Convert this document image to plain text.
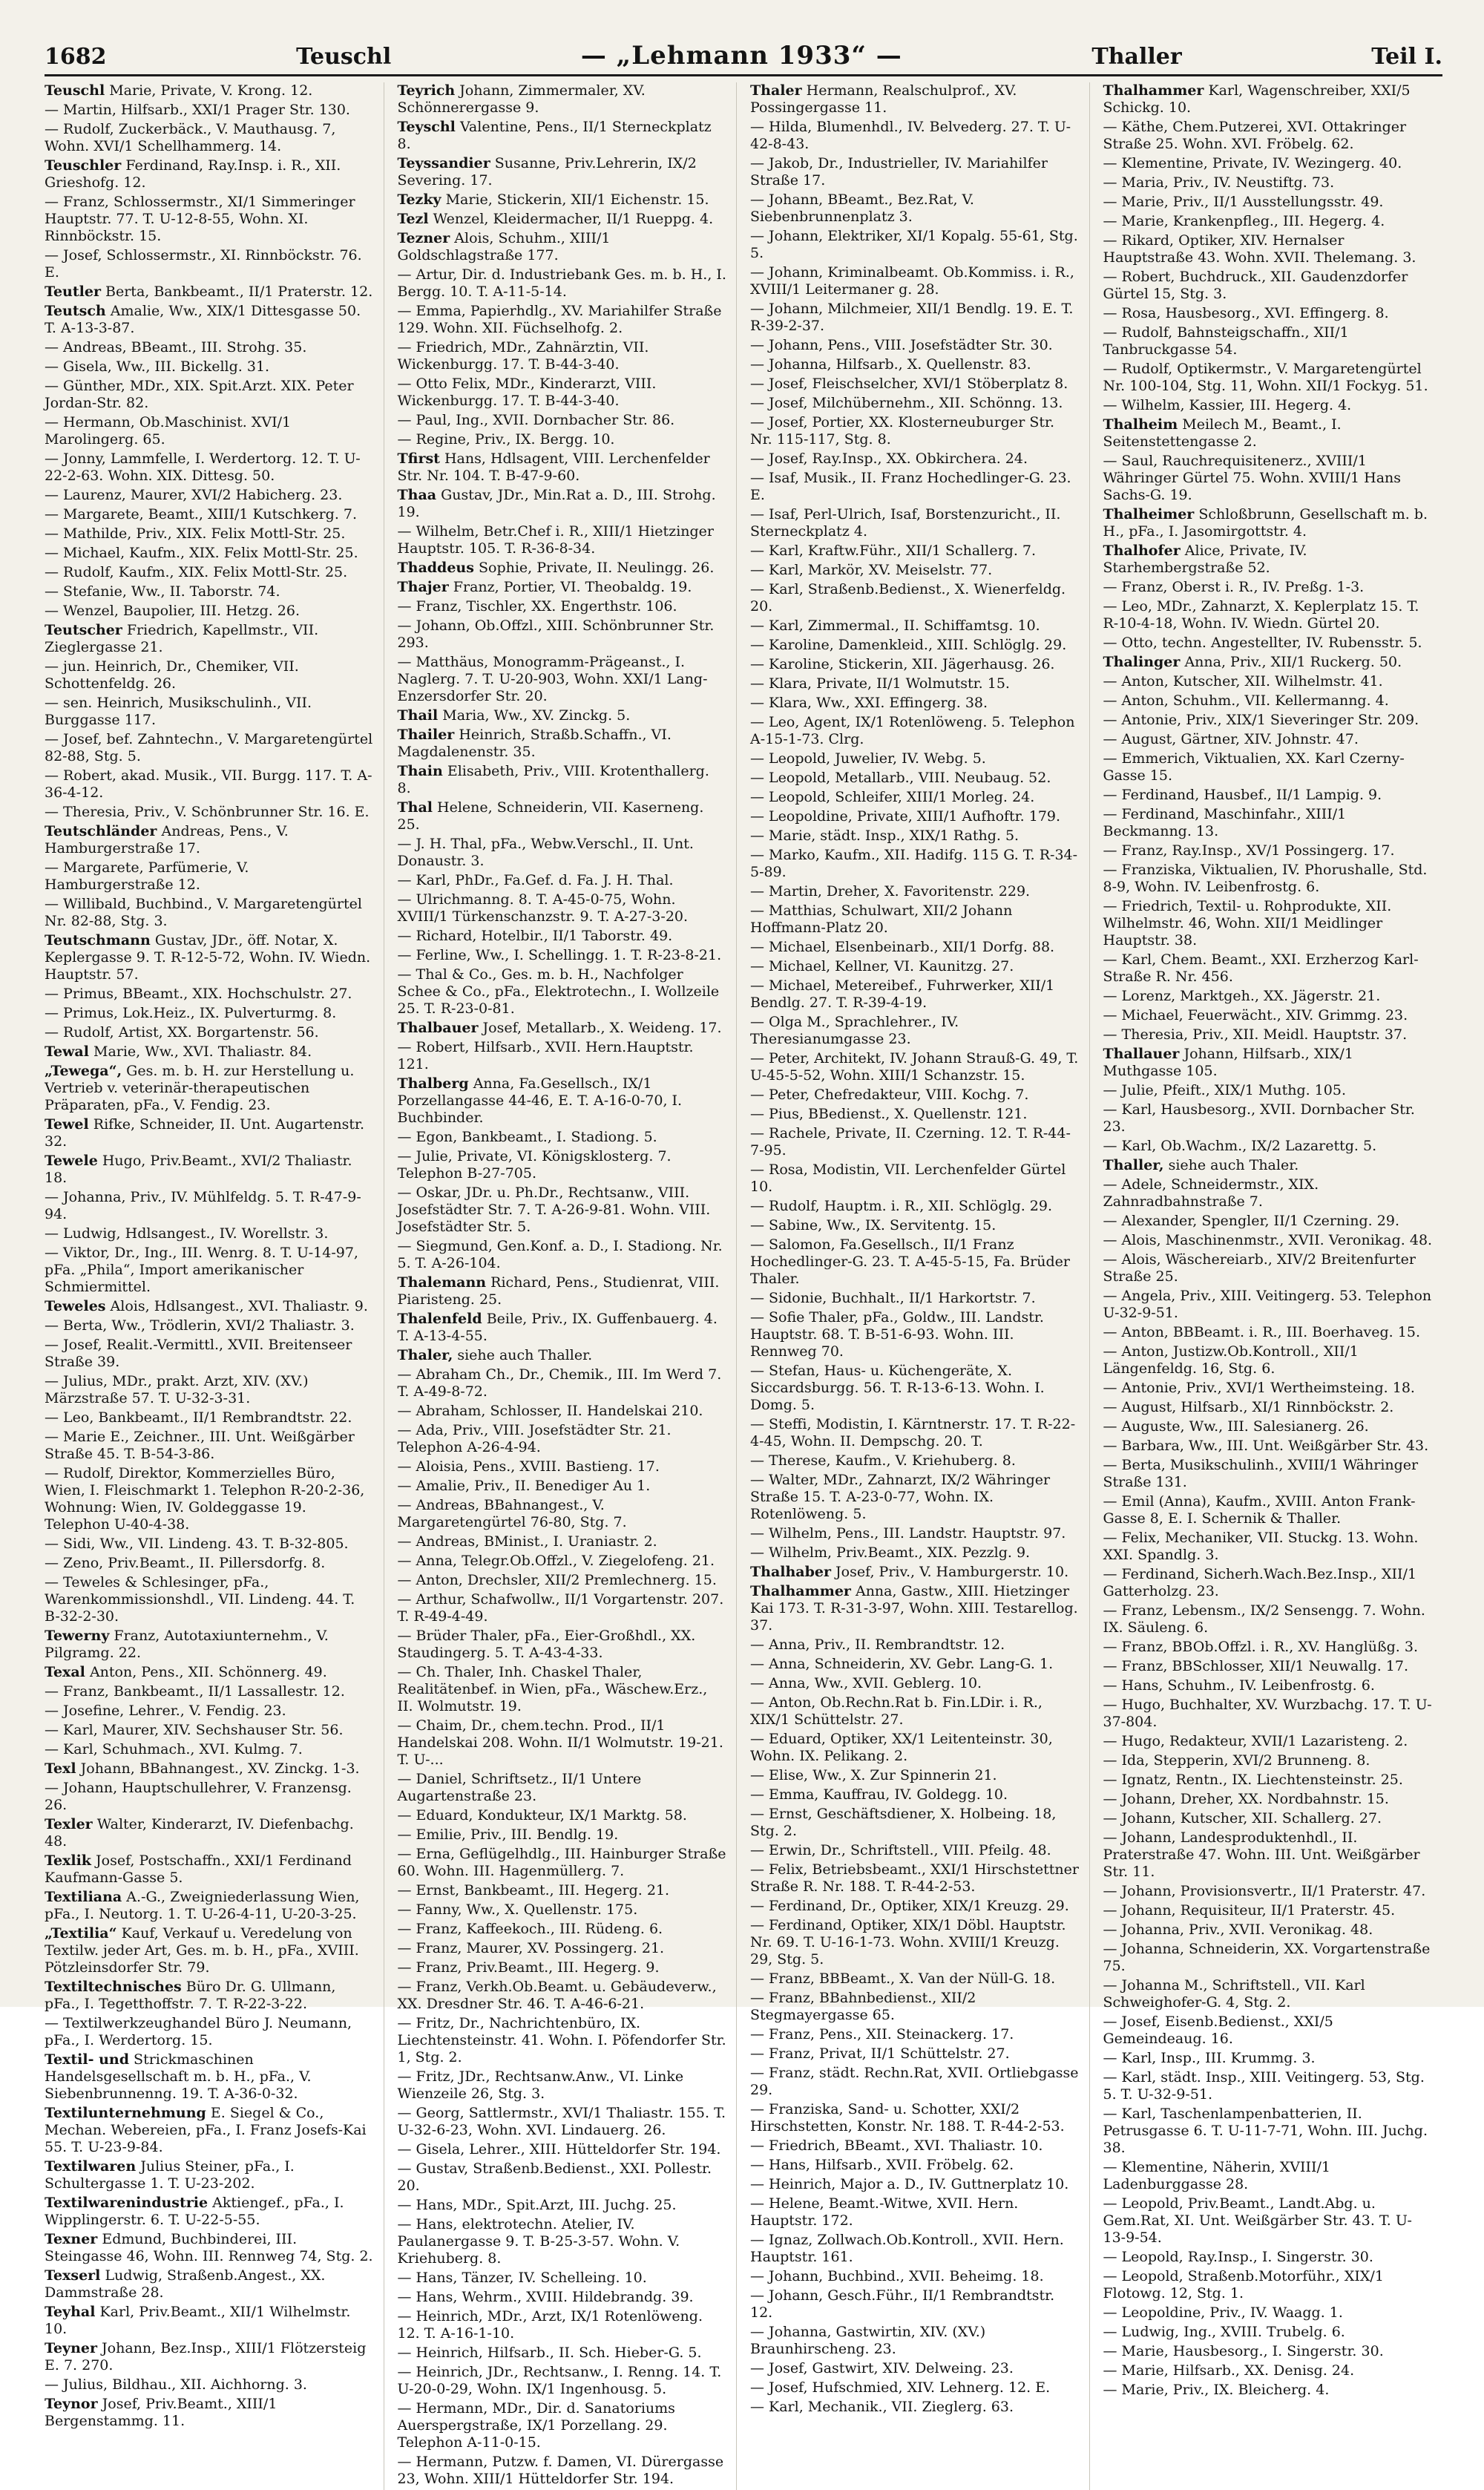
1682	Teuschl	— „Lehmann 1933“ —	Thaller	Teil I.
Teuschl Marie, Private, V. Krong. 12.
— Martin, Hilfsarb., XXI/1 Prager Str. 130.
— Rudolf, Zuckerbäck., V. Mauthausg. 7, Wohn. XVI/1 Schellhammerg. 14.
Teuschler Ferdinand, Ray.Insp. i. R., XII. Grieshofg. 12.
— Franz, Schlossermstr., XI/1 Simmeringer Hauptstr. 77. T. U-12-8-55, Wohn. XI. Rinnböckstr. 15.
— Josef, Schlossermstr., XI. Rinnböckstr. 76. E.
Teutler Berta, Bankbeamt., II/1 Praterstr. 12.
Teutsch Amalie, Ww., XIX/1 Dittesgasse 50. T. A-13-3-87.
— Andreas, BBeamt., III. Strohg. 35.
— Gisela, Ww., III. Bickellg. 31.
— Günther, MDr., XIX. Spit.Arzt. XIX. Peter Jordan-Str. 82.
— Hermann, Ob.Maschinist. XVI/1 Marolingerg. 65.
— Jonny, Lammfelle, I. Werdertorg. 12. T. U-22-2-63. Wohn. XIX. Dittesg. 50.
— Laurenz, Maurer, XVI/2 Habicherg. 23.
— Margarete, Beamt., XIII/1 Kutschkerg. 7.
— Mathilde, Priv., XIX. Felix Mottl-Str. 25.
— Michael, Kaufm., XIX. Felix Mottl-Str. 25.
— Rudolf, Kaufm., XIX. Felix Mottl-Str. 25.
— Stefanie, Ww., II. Taborstr. 74.
— Wenzel, Baupolier, III. Hetzg. 26.
Teutscher Friedrich, Kapellmstr., VII. Zieglergasse 21.
— jun. Heinrich, Dr., Chemiker, VII. Schottenfeldg. 26.
— sen. Heinrich, Musikschulinh., VII. Burggasse 117.
— Josef, bef. Zahntechn., V. Margaretengürtel 82-88, Stg. 5.
— Robert, akad. Musik., VII. Burgg. 117. T. A-36-4-12.
— Theresia, Priv., V. Schönbrunner Str. 16. E.
Teutschländer Andreas, Pens., V. Hamburgerstraße 17.
— Margarete, Parfümerie, V. Hamburgerstraße 12.
— Willibald, Buchbind., V. Margaretengürtel Nr. 82-88, Stg. 3.
Teutschmann Gustav, JDr., öff. Notar, X. Keplergasse 9. T. R-12-5-72, Wohn. IV. Wiedn. Hauptstr. 57.
— Primus, BBeamt., XIX. Hochschulstr. 27.
— Primus, Lok.Heiz., IX. Pulverturmg. 8.
— Rudolf, Artist, XX. Borgartenstr. 56.
Tewal Marie, Ww., XVI. Thaliastr. 84.
„Tewega“, Ges. m. b. H. zur Herstellung u. Vertrieb v. veterinär-therapeutischen Präparaten, pFa., V. Fendig. 23.
Tewel Rifke, Schneider, II. Unt. Augartenstr. 32.
Tewele Hugo, Priv.Beamt., XVI/2 Thaliastr. 18.
— Johanna, Priv., IV. Mühlfeldg. 5. T. R-47-9-94.
— Ludwig, Hdlsangest., IV. Worellstr. 3.
— Viktor, Dr., Ing., III. Wenrg. 8. T. U-14-97, pFa. „Phila“, Import amerikanischer Schmiermittel.
Teweles Alois, Hdlsangest., XVI. Thaliastr. 9.
— Berta, Ww., Trödlerin, XVI/2 Thaliastr. 3.
— Josef, Realit.-Vermittl., XVII. Breitenseer Straße 39.
— Julius, MDr., prakt. Arzt, XIV. (XV.) Märzstraße 57. T. U-32-3-31.
— Leo, Bankbeamt., II/1 Rembrandtstr. 22.
— Marie E., Zeichner., III. Unt. Weißgärber Straße 45. T. B-54-3-86.
— Rudolf, Direktor, Kommerzielles Büro, Wien, I. Fleischmarkt 1. Telephon R-20-2-36, Wohnung: Wien, IV. Goldeggasse 19. Telephon U-40-4-38.
— Sidi, Ww., VII. Lindeng. 43. T. B-32-805.
— Zeno, Priv.Beamt., II. Pillersdorfg. 8.
— Teweles & Schlesinger, pFa., Warenkommissionshdl., VII. Lindeng. 44. T. B-32-2-30.
Tewerny Franz, Autotaxiunternehm., V. Pilgramg. 22.
Texal Anton, Pens., XII. Schönnerg. 49.
— Franz, Bankbeamt., II/1 Lassallestr. 12.
— Josefine, Lehrer., V. Fendig. 23.
— Karl, Maurer, XIV. Sechshauser Str. 56.
— Karl, Schuhmach., XVI. Kulmg. 7.
Texl Johann, BBahnangest., XV. Zinckg. 1-3.
— Johann, Hauptschullehrer, V. Franzensg. 26.
Texler Walter, Kinderarzt, IV. Diefenbachg. 48.
Texlik Josef, Postschaffn., XXI/1 Ferdinand Kaufmann-Gasse 5.
Textiliana A.-G., Zweigniederlassung Wien, pFa., I. Neutorg. 1. T. U-26-4-11, U-20-3-25.
„Textilia“ Kauf, Verkauf u. Veredelung von Textilw. jeder Art, Ges. m. b. H., pFa., XVIII. Pötzleinsdorfer Str. 79.
Textiltechnisches Büro Dr. G. Ullmann, pFa., I. Tegetthoffstr. 7. T. R-22-3-22.
— Textilwerkzeughandel Büro J. Neumann, pFa., I. Werdertorg. 15.
Textil- und Strickmaschinen Handelsgesellschaft m. b. H., pFa., V. Siebenbrunnenng. 19. T. A-36-0-32.
Textilunternehmung E. Siegel & Co., Mechan. Webereien, pFa., I. Franz Josefs-Kai 55. T. U-23-9-84.
Textilwaren Julius Steiner, pFa., I. Schultergasse 1. T. U-23-202.
Textilwarenindustrie Aktiengef., pFa., I. Wipplingerstr. 6. T. U-22-5-55.
Texner Edmund, Buchbinderei, III. Steingasse 46, Wohn. III. Rennweg 74, Stg. 2.
Texserl Ludwig, Straßenb.Angest., XX. Dammstraße 28.
Teyhal Karl, Priv.Beamt., XII/1 Wilhelmstr. 10.
Teyner Johann, Bez.Insp., XIII/1 Flötzersteig E. 7. 270.
— Julius, Bildhau., XII. Aichhorng. 3.
Teynor Josef, Priv.Beamt., XIII/1 Bergenstammg. 11.
Teyrich Johann, Zimmermaler, XV. Schönnerergasse 9.
Teyschl Valentine, Pens., II/1 Sterneckplatz 8.
Teyssandier Susanne, Priv.Lehrerin, IX/2 Severing. 17.
Tezky Marie, Stickerin, XII/1 Eichenstr. 15.
Tezl Wenzel, Kleidermacher, II/1 Rueppg. 4.
Tezner Alois, Schuhm., XIII/1 Goldschlagstraße 177.
— Artur, Dir. d. Industriebank Ges. m. b. H., I. Bergg. 10. T. A-11-5-14.
— Emma, Papierhdlg., XV. Mariahilfer Straße 129. Wohn. XII. Füchselhofg. 2.
— Friedrich, MDr., Zahnärztin, VII. Wickenburgg. 17. T. B-44-3-40.
— Otto Felix, MDr., Kinderarzt, VIII. Wickenburgg. 17. T. B-44-3-40.
— Paul, Ing., XVII. Dornbacher Str. 86.
— Regine, Priv., IX. Bergg. 10.
Tfirst Hans, Hdlsagent, VIII. Lerchenfelder Str. Nr. 104. T. B-47-9-60.
Thaa Gustav, JDr., Min.Rat a. D., III. Strohg. 19.
— Wilhelm, Betr.Chef i. R., XIII/1 Hietzinger Hauptstr. 105. T. R-36-8-34.
Thaddeus Sophie, Private, II. Neulingg. 26.
Thajer Franz, Portier, VI. Theobaldg. 19.
— Franz, Tischler, XX. Engerthstr. 106.
— Johann, Ob.Offzl., XIII. Schönbrunner Str. 293.
— Matthäus, Monogramm-Prägeanst., I. Naglerg. 7. T. U-20-903, Wohn. XXI/1 Lang-Enzersdorfer Str. 20.
Thail Maria, Ww., XV. Zinckg. 5.
Thailer Heinrich, Straßb.Schaffn., VI. Magdalenenstr. 35.
Thain Elisabeth, Priv., VIII. Krotenthallerg. 8.
Thal Helene, Schneiderin, VII. Kaserneng. 25.
— J. H. Thal, pFa., Webw.Verschl., II. Unt. Donaustr. 3.
— Karl, PhDr., Fa.Gef. d. Fa. J. H. Thal.
— Ulrichmanng. 8. T. A-45-0-75, Wohn. XVIII/1 Türkenschanzstr. 9. T. A-27-3-20.
— Richard, Hotelbir., II/1 Taborstr. 49.
— Ferline, Ww., I. Schellingg. 1. T. R-23-8-21.
— Thal & Co., Ges. m. b. H., Nachfolger Schee & Co., pFa., Elektrotechn., I. Wollzeile 25. T. R-23-0-81.
Thalbauer Josef, Metallarb., X. Weideng. 17.
— Robert, Hilfsarb., XVII. Hern.Hauptstr. 121.
Thalberg Anna, Fa.Gesellsch., IX/1 Porzellangasse 44-46, E. T. A-16-0-70, I. Buchbinder.
— Egon, Bankbeamt., I. Stadiong. 5.
— Julie, Private, VI. Königsklosterg. 7. Telephon B-27-705.
— Oskar, JDr. u. Ph.Dr., Rechtsanw., VIII. Josefstädter Str. 7. T. A-26-9-81. Wohn. VIII. Josefstädter Str. 5.
— Siegmund, Gen.Konf. a. D., I. Stadiong. Nr. 5. T. A-26-104.
Thalemann Richard, Pens., Studienrat, VIII. Piaristeng. 25.
Thalenfeld Beile, Priv., IX. Guffenbauerg. 4. T. A-13-4-55.
Thaler, siehe auch Thaller.
— Abraham Ch., Dr., Chemik., III. Im Werd 7. T. A-49-8-72.
— Abraham, Schlosser, II. Handelskai 210.
— Ada, Priv., VIII. Josefstädter Str. 21. Telephon A-26-4-94.
— Aloisia, Pens., XVIII. Bastieng. 17.
— Amalie, Priv., II. Benediger Au 1.
— Andreas, BBahnangest., V. Margaretengürtel 76-80, Stg. 7.
— Andreas, BMinist., I. Uraniastr. 2.
— Anna, Telegr.Ob.Offzl., V. Ziegelofeng. 21.
— Anton, Drechsler, XII/2 Premlechnerg. 15.
— Arthur, Schafwollw., II/1 Vorgartenstr. 207. T. R-49-4-49.
— Brüder Thaler, pFa., Eier-Großhdl., XX. Staudingerg. 5. T. A-43-4-33.
— Ch. Thaler, Inh. Chaskel Thaler, Realitätenbef. in Wien, pFa., Wäschew.Erz., II. Wolmutstr. 19.
— Chaim, Dr., chem.techn. Prod., II/1 Handelskai 208. Wohn. II/1 Wolmutstr. 19-21. T. U-...
— Daniel, Schriftsetz., II/1 Untere Augartenstraße 23.
— Eduard, Kondukteur, IX/1 Marktg. 58.
— Emilie, Priv., III. Bendlg. 19.
— Erna, Geflügelhdlg., III. Hainburger Straße 60. Wohn. III. Hagenmüllerg. 7.
— Ernst, Bankbeamt., III. Hegerg. 21.
— Fanny, Ww., X. Quellenstr. 175.
— Franz, Kaffeekoch., III. Rüdeng. 6.
— Franz, Maurer, XV. Possingerg. 21.
— Franz, Priv.Beamt., III. Hegerg. 9.
— Franz, Verkh.Ob.Beamt. u. Gebäudeverw., XX. Dresdner Str. 46. T. A-46-6-21.
— Fritz, Dr., Nachrichtenbüro, IX. Liechtensteinstr. 41. Wohn. I. Pöfendorfer Str. 1, Stg. 2.
— Fritz, JDr., Rechtsanw.Anw., VI. Linke Wienzeile 26, Stg. 3.
— Georg, Sattlermstr., XVI/1 Thaliastr. 155. T. U-32-6-23, Wohn. XVI. Lindauerg. 26.
— Gisela, Lehrer., XIII. Hütteldorfer Str. 194.
— Gustav, Straßenb.Bedienst., XXI. Pollestr. 20.
— Hans, MDr., Spit.Arzt, III. Juchg. 25.
— Hans, elektrotechn. Atelier, IV. Paulanergasse 9. T. B-25-3-57. Wohn. V. Kriehuberg. 8.
— Hans, Tänzer, IV. Schelleing. 10.
— Hans, Wehrm., XVIII. Hildebrandg. 39.
— Heinrich, MDr., Arzt, IX/1 Rotenlöweng. 12. T. A-16-1-10.
— Heinrich, Hilfsarb., II. Sch. Hieber-G. 5.
— Heinrich, JDr., Rechtsanw., I. Renng. 14. T. U-20-0-29, Wohn. IX/1 Ingenhousg. 5.
— Hermann, MDr., Dir. d. Sanatoriums Auerspergstraße, IX/1 Porzellang. 29. Telephon A-11-0-15.
— Hermann, Putzw. f. Damen, VI. Dürergasse 23, Wohn. XIII/1 Hütteldorfer Str. 194.
Thaler Hermann, Realschulprof., XV. Possingergasse 11.
— Hilda, Blumenhdl., IV. Belvederg. 27. T. U-42-8-43.
— Jakob, Dr., Industrieller, IV. Mariahilfer Straße 17.
— Johann, BBeamt., Bez.Rat, V. Siebenbrunnenplatz 3.
— Johann, Elektriker, XI/1 Kopalg. 55-61, Stg. 5.
— Johann, Kriminalbeamt. Ob.Kommiss. i. R., XVIII/1 Leitermaner g. 28.
— Johann, Milchmeier, XII/1 Bendlg. 19. E. T. R-39-2-37.
— Johann, Pens., VIII. Josefstädter Str. 30.
— Johanna, Hilfsarb., X. Quellenstr. 83.
— Josef, Fleischselcher, XVI/1 Stöberplatz 8.
— Josef, Milchübernehm., XII. Schönng. 13.
— Josef, Portier, XX. Klosterneuburger Str. Nr. 115-117, Stg. 8.
— Josef, Ray.Insp., XX. Obkirchera. 24.
— Isaf, Musik., II. Franz Hochedlinger-G. 23. E.
— Isaf, Perl-Ulrich, Isaf, Borstenzuricht., II. Sterneckplatz 4.
— Karl, Kraftw.Führ., XII/1 Schallerg. 7.
— Karl, Markör, XV. Meiselstr. 77.
— Karl, Straßenb.Bedienst., X. Wienerfeldg. 20.
— Karl, Zimmermal., II. Schiffamtsg. 10.
— Karoline, Damenkleid., XIII. Schlöglg. 29.
— Karoline, Stickerin, XII. Jägerhausg. 26.
— Klara, Private, II/1 Wolmutstr. 15.
— Klara, Ww., XXI. Effingerg. 38.
— Leo, Agent, IX/1 Rotenlöweng. 5. Telephon A-15-1-73. Clrg.
— Leopold, Juwelier, IV. Webg. 5.
— Leopold, Metallarb., VIII. Neubaug. 52.
— Leopold, Schleifer, XIII/1 Morleg. 24.
— Leopoldine, Private, XIII/1 Aufhoftr. 179.
— Marie, städt. Insp., XIX/1 Rathg. 5.
— Marko, Kaufm., XII. Hadifg. 115 G. T. R-34-5-89.
— Martin, Dreher, X. Favoritenstr. 229.
— Matthias, Schulwart, XII/2 Johann Hoffmann-Platz 20.
— Michael, Elsenbeinarb., XII/1 Dorfg. 88.
— Michael, Kellner, VI. Kaunitzg. 27.
— Michael, Metereibef., Fuhrwerker, XII/1 Bendlg. 27. T. R-39-4-19.
— Olga M., Sprachlehrer., IV. Theresianumgasse 23.
— Peter, Architekt, IV. Johann Strauß-G. 49, T. U-45-5-52, Wohn. XIII/1 Schanzstr. 15.
— Peter, Chefredakteur, VIII. Kochg. 7.
— Pius, BBedienst., X. Quellenstr. 121.
— Rachele, Private, II. Czerning. 12. T. R-44-7-95.
— Rosa, Modistin, VII. Lerchenfelder Gürtel 10.
— Rudolf, Hauptm. i. R., XII. Schlöglg. 29.
— Sabine, Ww., IX. Servitentg. 15.
— Salomon, Fa.Gesellsch., II/1 Franz Hochedlinger-G. 23. T. A-45-5-15, Fa. Brüder Thaler.
— Sidonie, Buchhalt., II/1 Harkortstr. 7.
— Sofie Thaler, pFa., Goldw., III. Landstr. Hauptstr. 68. T. B-51-6-93. Wohn. III. Rennweg 70.
— Stefan, Haus- u. Küchengeräte, X. Siccardsburgg. 56. T. R-13-6-13. Wohn. I. Domg. 5.
— Steffi, Modistin, I. Kärntnerstr. 17. T. R-22-4-45, Wohn. II. Dempschg. 20. T.
— Therese, Kaufm., V. Kriehuberg. 8.
— Walter, MDr., Zahnarzt, IX/2 Währinger Straße 15. T. A-23-0-77, Wohn. IX. Rotenlöweng. 5.
— Wilhelm, Pens., III. Landstr. Hauptstr. 97.
— Wilhelm, Priv.Beamt., XIX. Pezzlg. 9.
Thalhaber Josef, Priv., V. Hamburgerstr. 10.
Thalhammer Anna, Gastw., XIII. Hietzinger Kai 173. T. R-31-3-97, Wohn. XIII. Testarellog. 37.
— Anna, Priv., II. Rembrandtstr. 12.
— Anna, Schneiderin, XV. Gebr. Lang-G. 1.
— Anna, Ww., XVII. Geblerg. 10.
— Anton, Ob.Rechn.Rat b. Fin.LDir. i. R., XIX/1 Schüttelstr. 27.
— Eduard, Optiker, XX/1 Leitenteinstr. 30, Wohn. IX. Pelikang. 2.
— Elise, Ww., X. Zur Spinnerin 21.
— Emma, Kauffrau, IV. Goldegg. 10.
— Ernst, Geschäftsdiener, X. Holbeing. 18, Stg. 2.
— Erwin, Dr., Schriftstell., VIII. Pfeilg. 48.
— Felix, Betriebsbeamt., XXI/1 Hirschstettner Straße R. Nr. 188. T. R-44-2-53.
— Ferdinand, Dr., Optiker, XIX/1 Kreuzg. 29.
— Ferdinand, Optiker, XIX/1 Döbl. Hauptstr. Nr. 69. T. U-16-1-73. Wohn. XVIII/1 Kreuzg. 29, Stg. 5.
— Franz, BBBeamt., X. Van der Nüll-G. 18.
— Franz, BBahnbedienst., XII/2 Stegmayergasse 65.
— Franz, Pens., XII. Steinackerg. 17.
— Franz, Privat, II/1 Schüttelstr. 27.
— Franz, städt. Rechn.Rat, XVII. Ortliebgasse 29.
— Franziska, Sand- u. Schotter, XXI/2 Hirschstetten, Konstr. Nr. 188. T. R-44-2-53.
— Friedrich, BBeamt., XVI. Thaliastr. 10.
— Hans, Hilfsarb., XVII. Fröbelg. 62.
— Heinrich, Major a. D., IV. Guttnerplatz 10.
— Helene, Beamt.-Witwe, XVII. Hern. Hauptstr. 172.
— Ignaz, Zollwach.Ob.Kontroll., XVII. Hern. Hauptstr. 161.
— Johann, Buchbind., XVII. Beheimg. 18.
— Johann, Gesch.Führ., II/1 Rembrandtstr. 12.
— Johanna, Gastwirtin, XIV. (XV.) Braunhirscheng. 23.
— Josef, Gastwirt, XIV. Delweing. 23.
— Josef, Hufschmied, XIV. Lehnerg. 12. E.
— Karl, Mechanik., VII. Zieglerg. 63.
Thalhammer Karl, Wagenschreiber, XXI/5 Schickg. 10.
— Käthe, Chem.Putzerei, XVI. Ottakringer Straße 25. Wohn. XVI. Fröbelg. 62.
— Klementine, Private, IV. Wezingerg. 40.
— Maria, Priv., IV. Neustiftg. 73.
— Marie, Priv., II/1 Ausstellungsstr. 49.
— Marie, Krankenpfleg., III. Hegerg. 4.
— Rikard, Optiker, XIV. Hernalser Hauptstraße 43. Wohn. XVII. Thelemang. 3.
— Robert, Buchdruck., XII. Gaudenzdorfer Gürtel 15, Stg. 3.
— Rosa, Hausbesorg., XVI. Effingerg. 8.
— Rudolf, Bahnsteigschaffn., XII/1 Tanbruckgasse 54.
— Rudolf, Optikermstr., V. Margaretengürtel Nr. 100-104, Stg. 11, Wohn. XII/1 Fockyg. 51.
— Wilhelm, Kassier, III. Hegerg. 4.
Thalheim Meilech M., Beamt., I. Seitenstettengasse 2.
— Saul, Rauchrequisitenerz., XVIII/1 Währinger Gürtel 75. Wohn. XVIII/1 Hans Sachs-G. 19.
Thalheimer Schloßbrunn, Gesellschaft m. b. H., pFa., I. Jasomirgottstr. 4.
Thalhofer Alice, Private, IV. Starhembergstraße 52.
— Franz, Oberst i. R., IV. Preßg. 1-3.
— Leo, MDr., Zahnarzt, X. Keplerplatz 15. T. R-10-4-18, Wohn. IV. Wiedn. Gürtel 20.
— Otto, techn. Angestellter, IV. Rubensstr. 5.
Thalinger Anna, Priv., XII/1 Ruckerg. 50.
— Anton, Kutscher, XII. Wilhelmstr. 41.
— Anton, Schuhm., VII. Kellermanng. 4.
— Antonie, Priv., XIX/1 Sieveringer Str. 209.
— August, Gärtner, XIV. Johnstr. 47.
— Emmerich, Viktualien, XX. Karl Czerny-Gasse 15.
— Ferdinand, Hausbef., II/1 Lampig. 9.
— Ferdinand, Maschinfahr., XIII/1 Beckmanng. 13.
— Franz, Ray.Insp., XV/1 Possingerg. 17.
— Franziska, Viktualien, IV. Phorushalle, Std. 8-9, Wohn. IV. Leibenfrostg. 6.
— Friedrich, Textil- u. Rohprodukte, XII. Wilhelmstr. 46, Wohn. XII/1 Meidlinger Hauptstr. 38.
— Karl, Chem. Beamt., XXI. Erzherzog Karl-Straße R. Nr. 456.
— Lorenz, Marktgeh., XX. Jägerstr. 21.
— Michael, Feuerwächt., XIV. Grimmg. 23.
— Theresia, Priv., XII. Meidl. Hauptstr. 37.
Thallauer Johann, Hilfsarb., XIX/1 Muthgasse 105.
— Julie, Pfeift., XIX/1 Muthg. 105.
— Karl, Hausbesorg., XVII. Dornbacher Str. 23.
— Karl, Ob.Wachm., IX/2 Lazarettg. 5.
Thaller, siehe auch Thaler.
— Adele, Schneidermstr., XIX. Zahnradbahnstraße 7.
— Alexander, Spengler, II/1 Czerning. 29.
— Alois, Maschinenmstr., XVII. Veronikag. 48.
— Alois, Wäschereiarb., XIV/2 Breitenfurter Straße 25.
— Angela, Priv., XIII. Veitingerg. 53. Telephon U-32-9-51.
— Anton, BBBeamt. i. R., III. Boerhaveg. 15.
— Anton, Justizw.Ob.Kontroll., XII/1 Längenfeldg. 16, Stg. 6.
— Antonie, Priv., XVI/1 Wertheimsteing. 18.
— August, Hilfsarb., XI/1 Rinnböckstr. 2.
— Auguste, Ww., III. Salesianerg. 26.
— Barbara, Ww., III. Unt. Weißgärber Str. 43.
— Berta, Musikschulinh., XVIII/1 Währinger Straße 131.
— Emil (Anna), Kaufm., XVIII. Anton Frank-Gasse 8, E. I. Schernik & Thaller.
— Felix, Mechaniker, VII. Stuckg. 13. Wohn. XXI. Spandlg. 3.
— Ferdinand, Sicherh.Wach.Bez.Insp., XII/1 Gatterholzg. 23.
— Franz, Lebensm., IX/2 Sensengg. 7. Wohn. IX. Säuleng. 6.
— Franz, BBOb.Offzl. i. R., XV. Hanglüßg. 3.
— Franz, BBSchlosser, XII/1 Neuwallg. 17.
— Hans, Schuhm., IV. Leibenfrostg. 6.
— Hugo, Buchhalter, XV. Wurzbachg. 17. T. U-37-804.
— Hugo, Redakteur, XVII/1 Lazaristeng. 2.
— Ida, Stepperin, XVI/2 Brunneng. 8.
— Ignatz, Rentn., IX. Liechtensteinstr. 25.
— Johann, Dreher, XX. Nordbahnstr. 15.
— Johann, Kutscher, XII. Schallerg. 27.
— Johann, Landesproduktenhdl., II. Praterstraße 47. Wohn. III. Unt. Weißgärber Str. 11.
— Johann, Provisionsvertr., II/1 Praterstr. 47.
— Johann, Requisiteur, II/1 Praterstr. 45.
— Johanna, Priv., XVII. Veronikag. 48.
— Johanna, Schneiderin, XX. Vorgartenstraße 75.
— Johanna M., Schriftstell., VII. Karl Schweighofer-G. 4, Stg. 2.
— Josef, Eisenb.Bedienst., XXI/5 Gemeindeaug. 16.
— Karl, Insp., III. Krummg. 3.
— Karl, städt. Insp., XIII. Veitingerg. 53, Stg. 5. T. U-32-9-51.
— Karl, Taschenlampenbatterien, II. Petrusgasse 6. T. U-11-7-71, Wohn. III. Juchg. 38.
— Klementine, Näherin, XVIII/1 Ladenburggasse 28.
— Leopold, Priv.Beamt., Landt.Abg. u. Gem.Rat, XI. Unt. Weißgärber Str. 43. T. U-13-9-54.
— Leopold, Ray.Insp., I. Singerstr. 30.
— Leopold, Straßenb.Motorführ., XIX/1 Flotowg. 12, Stg. 1.
— Leopoldine, Priv., IV. Waagg. 1.
— Ludwig, Ing., XVIII. Trubelg. 6.
— Marie, Hausbesorg., I. Singerstr. 30.
— Marie, Hilfsarb., XX. Denisg. 24.
— Marie, Priv., IX. Bleicherg. 4.
